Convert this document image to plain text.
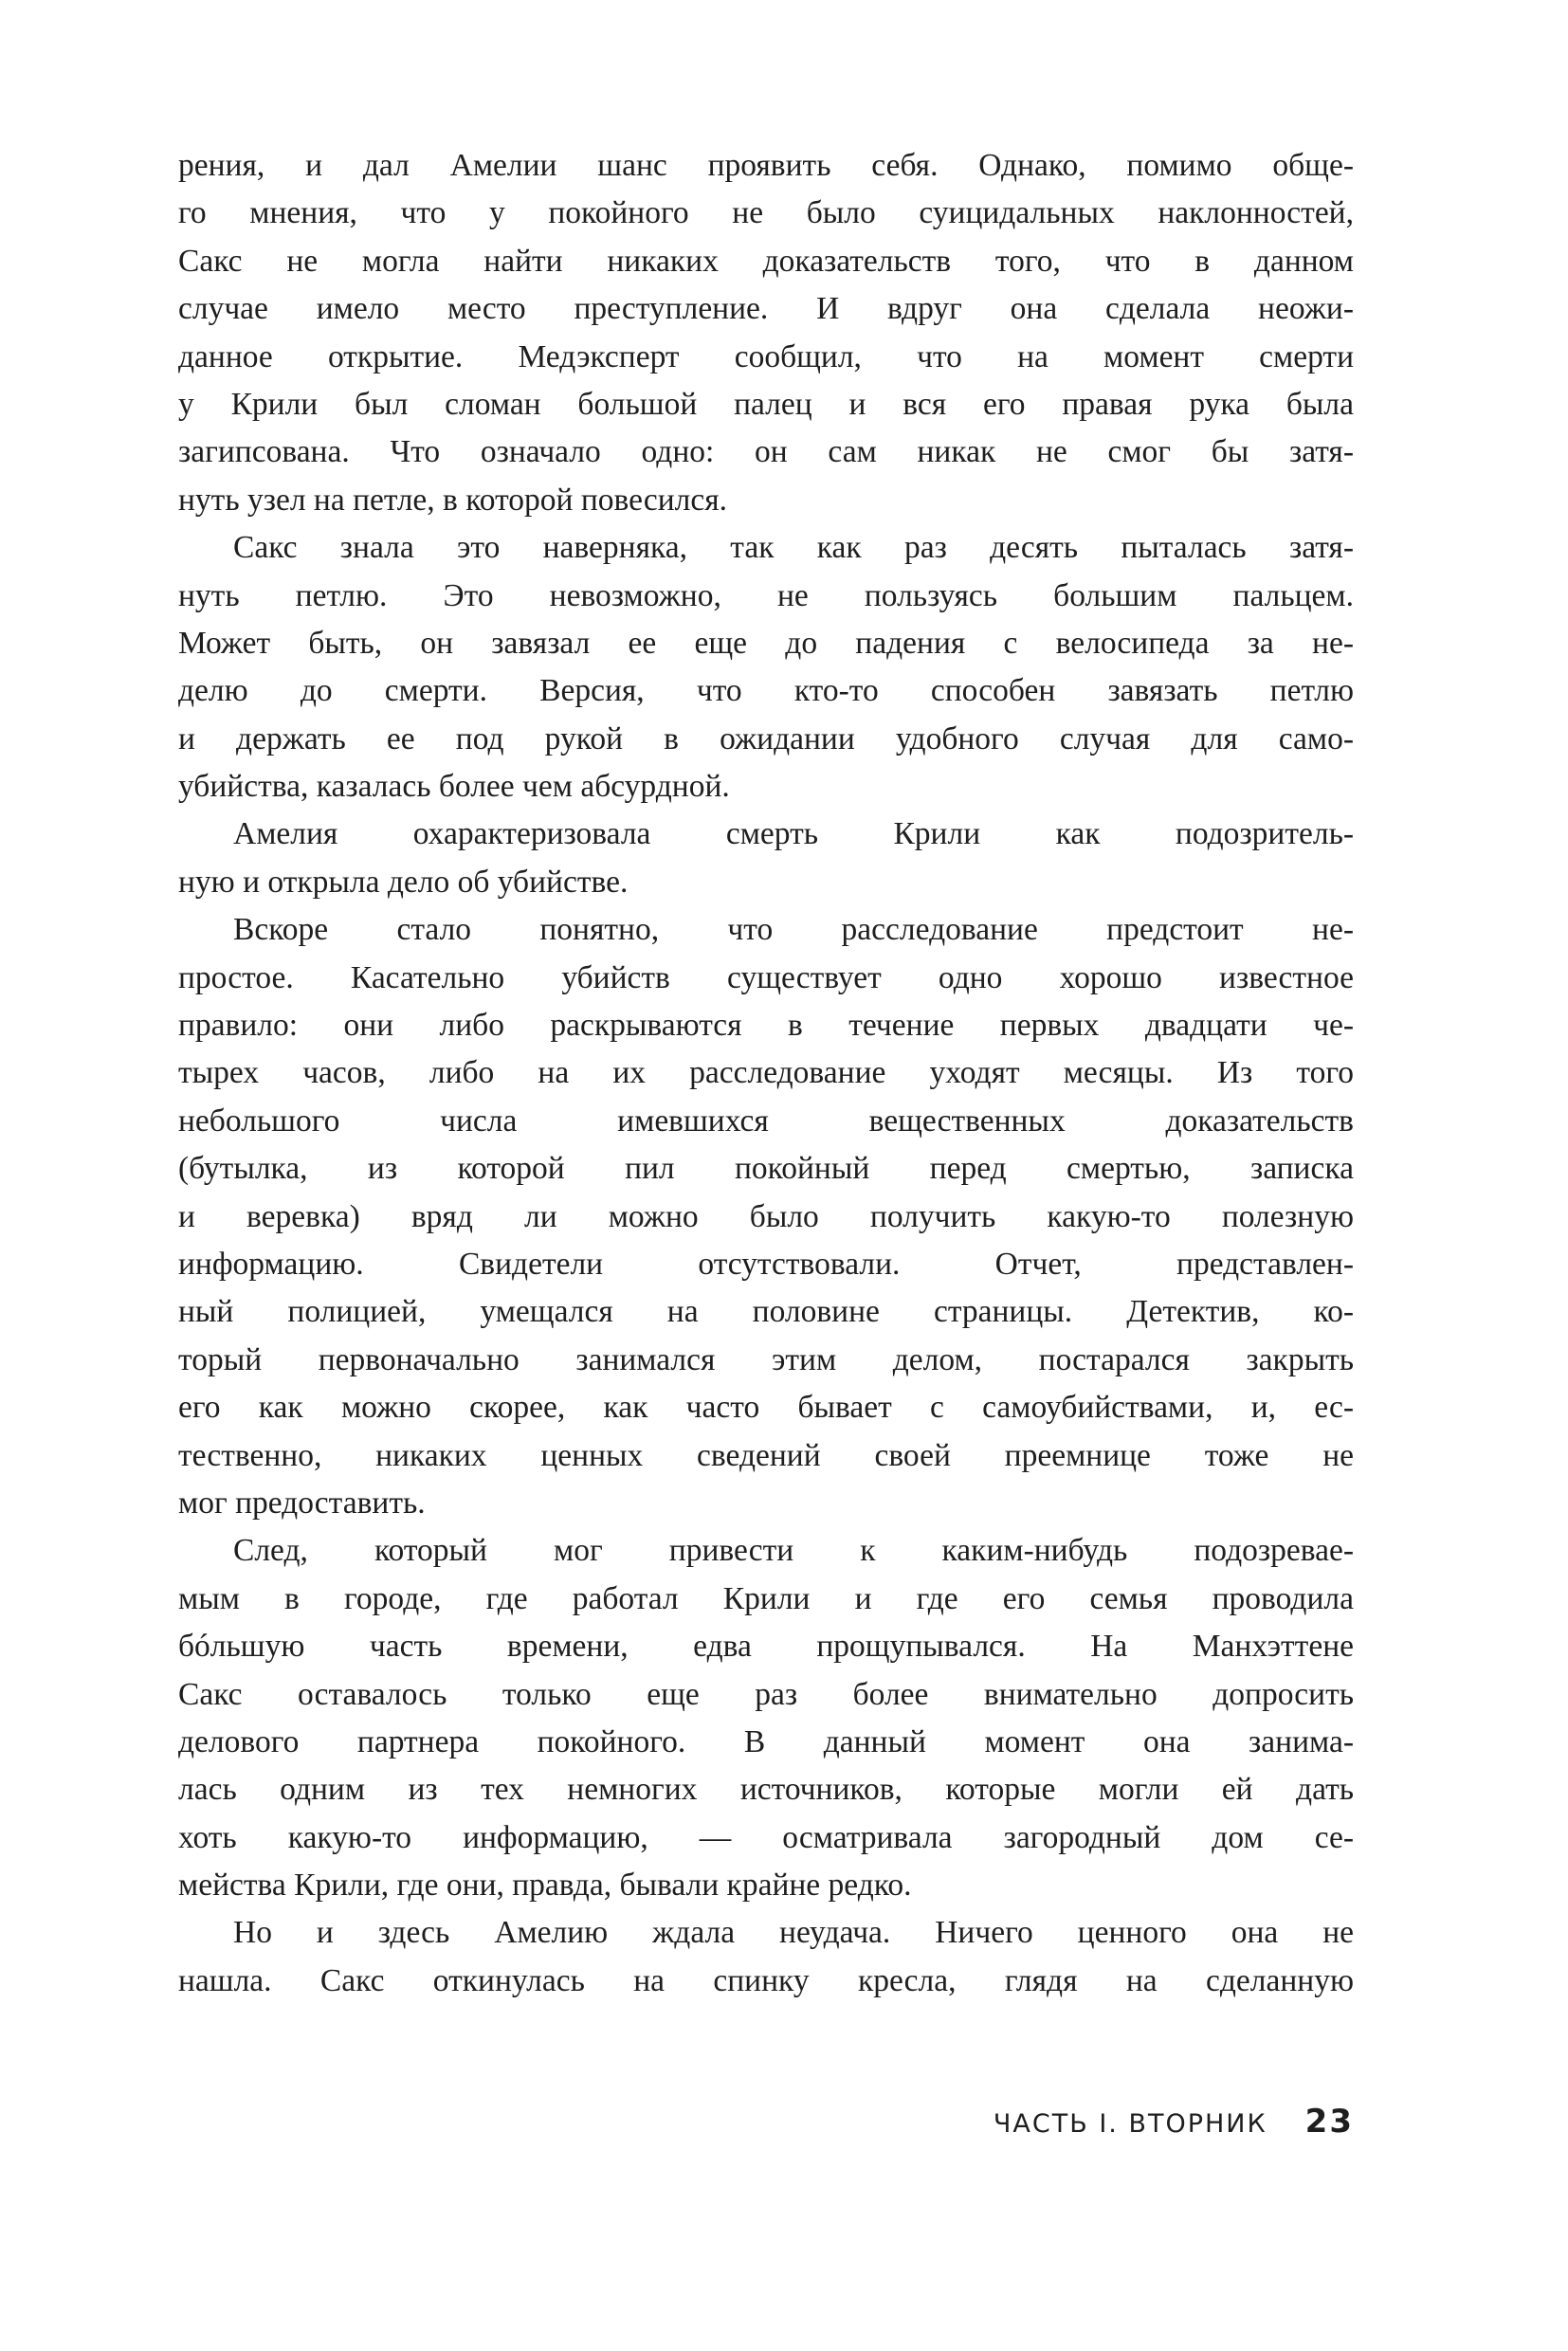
рения, и дал Амелии шанс проявить себя. Однако, помимо обще-
го мнения, что у покойного не было суицидальных наклонностей,
Сакс не могла найти никаких доказательств того, что в данном
случае имело место преступление. И вдруг она сделала неожи-
данное открытие. Медэксперт сообщил, что на момент смерти
у Крили был сломан большой палец и вся его правая рука была
загипсована. Что означало одно: он сам никак не смог бы затя-
нуть узел на петле, в которой повесился.
Сакс знала это наверняка, так как раз десять пыталась затя-
нуть петлю. Это невозможно, не пользуясь большим пальцем.
Может быть, он завязал ее еще до падения с велосипеда за не-
делю до смерти. Версия, что кто-то способен завязать петлю
и держать ее под рукой в ожидании удобного случая для само-
убийства, казалась более чем абсурдной.
Амелия охарактеризовала смерть Крили как подозритель-
ную и открыла дело об убийстве.
Вскоре стало понятно, что расследование предстоит не-
простое. Касательно убийств существует одно хорошо известное
правило: они либо раскрываются в течение первых двадцати че-
тырех часов, либо на их расследование уходят месяцы. Из того
небольшого числа имевшихся вещественных доказательств
(бутылка, из которой пил покойный перед смертью, записка
и веревка) вряд ли можно было получить какую-то полезную
информацию. Свидетели отсутствовали. Отчет, представлен-
ный полицией, умещался на половине страницы. Детектив, ко-
торый первоначально занимался этим делом, постарался закрыть
его как можно скорее, как часто бывает с самоубийствами, и, ес-
тественно, никаких ценных сведений своей преемнице тоже не
мог предоставить.
След, который мог привести к каким-нибудь подозревае-
мым в городе, где работал Крили и где его семья проводила
бóльшую часть времени, едва прощупывался. На Манхэттене
Сакс оставалось только еще раз более внимательно допросить
делового партнера покойного. В данный момент она занима-
лась одним из тех немногих источников, которые могли ей дать
хоть какую-то информацию, — осматривала загородный дом се-
мейства Крили, где они, правда, бывали крайне редко.
Но и здесь Амелию ждала неудача. Ничего ценного она не
нашла. Сакс откинулась на спинку кресла, глядя на сделанную
ЧАСТЬ I. ВТОРНИК 23
